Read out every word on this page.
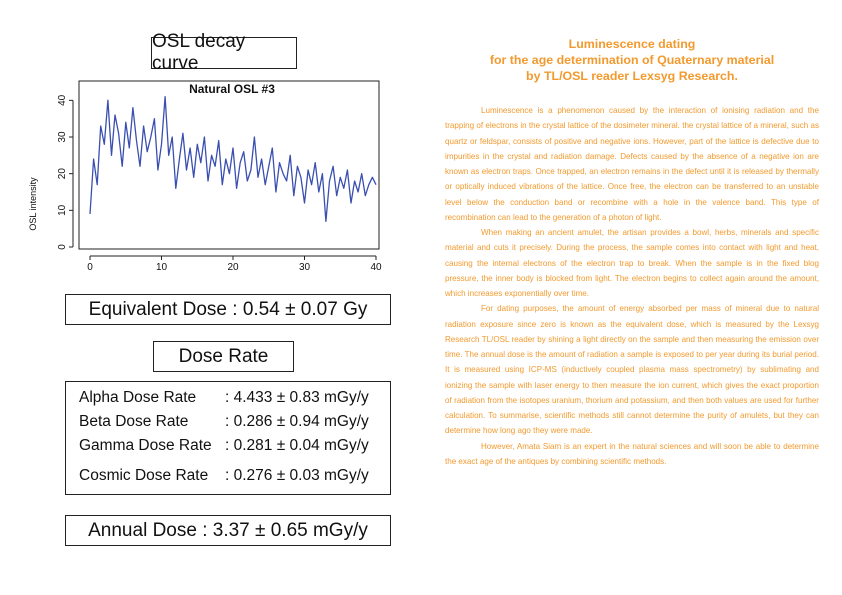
OSL decay curve
Natural OSL #3
OSL intensity
0	10	20	30	40
0
10
20
30
40
Equivalent Dose : 0.54 ± 0.07 Gy
Dose Rate
Alpha Dose Rate : 4.433 ± 0.83 mGy/y
Beta Dose Rate : 0.286 ± 0.94 mGy/y
Gamma Dose Rate : 0.281 ± 0.04 mGy/y
Cosmic Dose Rate : 0.276 ± 0.03 mGy/y
Annual Dose : 3.37 ± 0.65 mGy/y
Luminescence dating
for the age determination of Quaternary material
by TL/OSL reader Lexsyg Research.

Luminescence is a phenomenon caused by the interaction of ionising radiation and the trapping of electrons in the crystal lattice of the dosimeter mineral. the crystal lattice of a mineral, such as quartz or feldspar, consists of positive and negative ions. However, part of the lattice is defective due to impurities in the crystal and radiation damage. Defects caused by the absence of a negative ion are known as electron traps. Once trapped, an electron remains in the defect until it is released by thermally or optically induced vibrations of the lattice. Once free, the electron can be transferred to an unstable level below the conduction band or recombine with a hole in the valence band. This type of recombination can lead to the generation of a photon of light.

When making an ancient amulet, the artisan provides a bowl, herbs, minerals and specific material and cuts it precisely. During the process, the sample comes into contact with light and heat, causing the internal electrons of the electron trap to break. When the sample is in the fixed blog pressure, the inner body is blocked from light. The electron begins to collect again around the amount, which increases exponentially over time.

For dating purposes, the amount of energy absorbed per mass of mineral due to natural radiation exposure since zero is known as the equivalent dose, which is measured by the Lexsyg Research TL/OSL reader by shining a light directly on the sample and then measuring the emission over time. The annual dose is the amount of radiation a sample is exposed to per year during its burial period. It is measured using ICP-MS (inductively coupled plasma mass spectrometry) by sublimating and ionizing the sample with laser energy to then measure the ion current, which gives the exact proportion of radiation from the isotopes uranium, thorium and potassium, and then both values are used for further calculation. To summarise, scientific methods still cannot determine the purity of amulets, but they can determine how long ago they were made.

However, Amata Siam is an expert in the natural sciences and will soon be able to determine the exact age of the antiques by combining scientific methods.
